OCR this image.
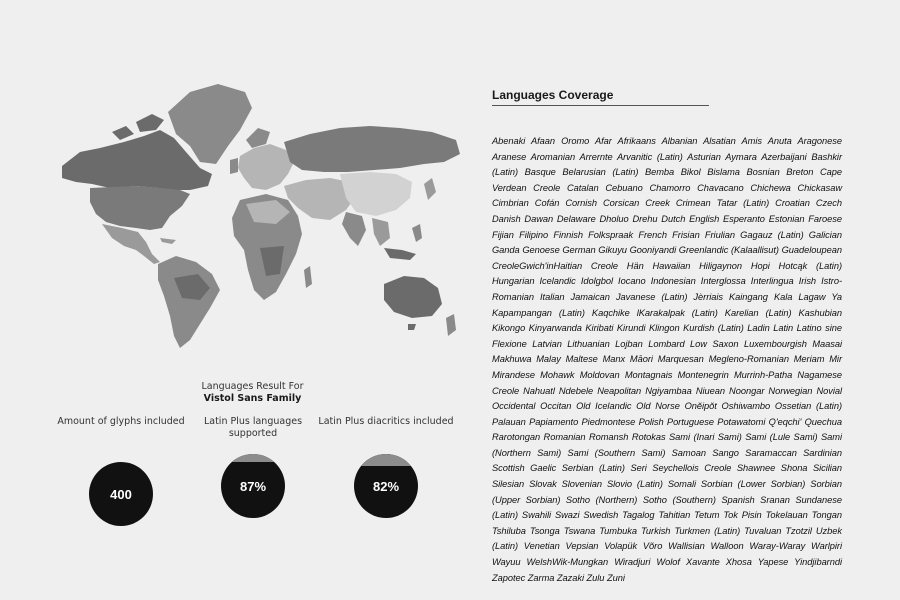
Languages Result For
Vistol Sans Family
Amount of glyphs included
400
Latin Plus languages supported
87%
Latin Plus diacritics included
82%
Languages Coverage
Abenaki Afaan Oromo Afar Afrikaans Albanian Alsatian Amis Anuta Aragonese Aranese Aromanian Arrernte Arvanitic (Latin) Asturian Aymara Azerbaijani Bashkir (Latin) Basque Belarusian (Latin) Bemba Bikol Bislama Bosnian Breton Cape Verdean Creole Catalan Cebuano Chamorro Chavacano Chichewa Chickasaw Cimbrian Cofán Cornish Corsican Creek Crimean Tatar (Latin) Croatian Czech Danish Dawan Delaware Dholuo Drehu Dutch English Esperanto Estonian Faroese Fijian Filipino Finnish Folkspraak French Frisian Friulian Gagauz (Latin) Galician Ganda Genoese German Gikuyu Gooniyandi Greenlandic (Kalaallisut) Guadeloupean CreoleGwich'inHaitian Creole Hän Hawaiian Hiligaynon Hopi Hotcąk (Latin) Hungarian Icelandic Idolgbol Iocano Indonesian Interglossa Interlingua Irish Istro-Romanian Italian Jamaican Javanese (Latin) Jèrriais Kaingang Kala Lagaw Ya Kapampangan (Latin) Kaqchike lKarakalpak (Latin) Karelian (Latin) Kashubian Kikongo Kinyarwanda Kiribati Kirundi Klingon Kurdish (Latin) Ladin Latin Latino sine Flexione Latvian Lithuanian Lojban Lombard Low Saxon Luxembourgish Maasai Makhuwa Malay Maltese Manx Māori Marquesan Megleno-Romanian Meriam Mir Mirandese Mohawk Moldovan Montagnais Montenegrin Murrinh-Patha Nagamese Creole Nahuatl Ndebele Neapolitan Ngiyambaa Niuean Noongar Norwegian Novial Occidental Occitan Old Icelandic Old Norse Onĕipŏt Oshiwambo Ossetian (Latin) Palauan Papiamento Piedmontese Polish Portuguese Potawatomi Q'eqchi' Quechua Rarotongan Romanian Romansh Rotokas Sami (Inari Sami) Sami (Lule Sami) Sami (Northern Sami) Sami (Southern Sami) Samoan Sango Saramaccan Sardinian Scottish Gaelic Serbian (Latin) Seri Seychellois Creole Shawnee Shona Sicilian Silesian Slovak Slovenian Slovio (Latin) Somali Sorbian (Lower Sorbian) Sorbian (Upper Sorbian) Sotho (Northern) Sotho (Southern) Spanish Sranan Sundanese (Latin) Swahili Swazi Swedish Tagalog Tahitian Tetum Tok Pisin Tokelauan Tongan Tshiluba Tsonga Tswana Tumbuka Turkish Turkmen (Latin) Tuvaluan Tzotzil Uzbek (Latin) Venetian Vepsian Volapük Võro Wallisian Walloon Waray-Waray Warlpiri Wayuu WelshWik-Mungkan Wiradjuri Wolof Xavante Xhosa Yapese Yindjibarndi Zapotec Zarma Zazaki Zulu Zuni
